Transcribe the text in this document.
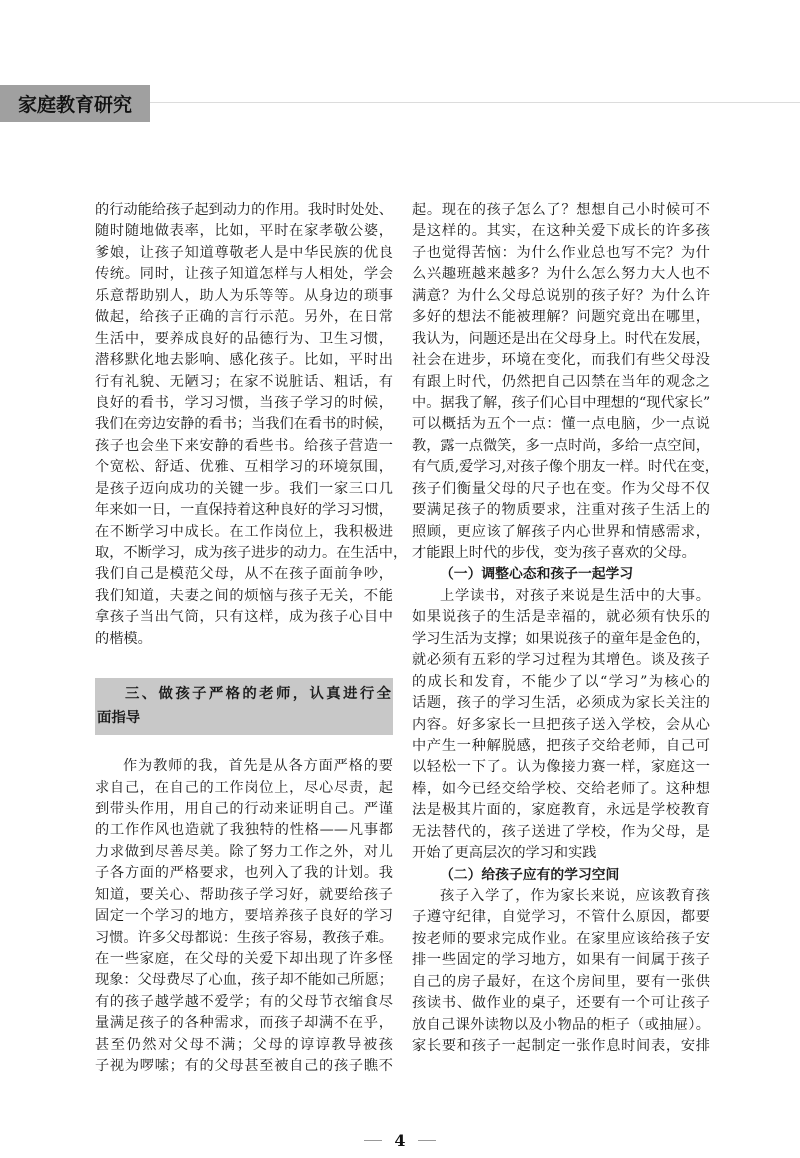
家庭教育研究
的行动能给孩子起到动力的作用。我时时处处、
随时随地做表率，比如，平时在家孝敬公婆，
爹娘，让孩子知道尊敬老人是中华民族的优良
传统。同时，让孩子知道怎样与人相处，学会
乐意帮助别人，助人为乐等等。从身边的琐事
做起，给孩子正确的言行示范。另外，在日常
生活中，要养成良好的品德行为、卫生习惯，
潜移默化地去影响、感化孩子。比如，平时出
行有礼貌、无陋习；在家不说脏话、粗话，有
良好的看书，学习习惯，当孩子学习的时候，
我们在旁边安静的看书；当我们在看书的时候，
孩子也会坐下来安静的看些书。给孩子营造一
个宽松、舒适、优雅、互相学习的环境氛围，
是孩子迈向成功的关键一步。我们一家三口几
年来如一日，一直保持着这种良好的学习习惯，
在不断学习中成长。在工作岗位上，我积极进
取，不断学习，成为孩子进步的动力。在生活中，
我们自己是模范父母，从不在孩子面前争吵，
我们知道，夫妻之间的烦恼与孩子无关，不能
拿孩子当出气筒，只有这样，成为孩子心目中
的楷模。
三、做孩子严格的老师，认真进行全
面指导
作为教师的我，首先是从各方面严格的要
求自己，在自己的工作岗位上，尽心尽责，起
到带头作用，用自己的行动来证明自己。严谨
的工作作风也造就了我独特的性格——凡事都
力求做到尽善尽美。除了努力工作之外，对儿
子各方面的严格要求，也列入了我的计划。我
知道，要关心、帮助孩子学习好，就要给孩子
固定一个学习的地方，要培养孩子良好的学习
习惯。许多父母都说：生孩子容易，教孩子难。
在一些家庭，在父母的关爱下却出现了许多怪
现象：父母费尽了心血，孩子却不能如己所愿；
有的孩子越学越不爱学；有的父母节衣缩食尽
量满足孩子的各种需求，而孩子却满不在乎，
甚至仍然对父母不满；父母的谆谆教导被孩
子视为啰嗦；有的父母甚至被自己的孩子瞧不
起。现在的孩子怎么了？想想自己小时候可不
是这样的。其实，在这种关爱下成长的许多孩
子也觉得苦恼：为什么作业总也写不完？为什
么兴趣班越来越多？为什么怎么努力大人也不
满意？为什么父母总说别的孩子好？为什么许
多好的想法不能被理解？问题究竟出在哪里，
我认为，问题还是出在父母身上。时代在发展，
社会在进步，环境在变化，而我们有些父母没
有跟上时代，仍然把自己囚禁在当年的观念之
中。据我了解，孩子们心目中理想的“现代家长”
可以概括为五个一点：懂一点电脑，少一点说
教，露一点微笑，多一点时尚，多给一点空间，
有气质,爱学习,对孩子像个朋友一样。时代在变，
孩子们衡量父母的尺子也在变。作为父母不仅
要满足孩子的物质要求，注重对孩子生活上的
照顾，更应该了解孩子内心世界和情感需求，
才能跟上时代的步伐，变为孩子喜欢的父母。
（一）调整心态和孩子一起学习
上学读书，对孩子来说是生活中的大事。
如果说孩子的生活是幸福的，就必须有快乐的
学习生活为支撑；如果说孩子的童年是金色的，
就必须有五彩的学习过程为其增色。谈及孩子
的成长和发育，不能少了以“学习”为核心的
话题，孩子的学习生活，必须成为家长关注的
内容。好多家长一旦把孩子送入学校，会从心
中产生一种解脱感，把孩子交给老师，自己可
以轻松一下了。认为像接力赛一样，家庭这一
棒，如今已经交给学校、交给老师了。这种想
法是极其片面的，家庭教育，永远是学校教育
无法替代的，孩子送进了学校，作为父母，是
开始了更高层次的学习和实践
（二）给孩子应有的学习空间
孩子入学了，作为家长来说，应该教育孩
子遵守纪律，自觉学习，不管什么原因，都要
按老师的要求完成作业。在家里应该给孩子安
排一些固定的学习地方，如果有一间属于孩子
自己的房子最好，在这个房间里，要有一张供
孩读书、做作业的桌子，还要有一个可让孩子
放自己课外读物以及小物品的柜子（或抽屉）。
家长要和孩子一起制定一张作息时间表，安排
4
